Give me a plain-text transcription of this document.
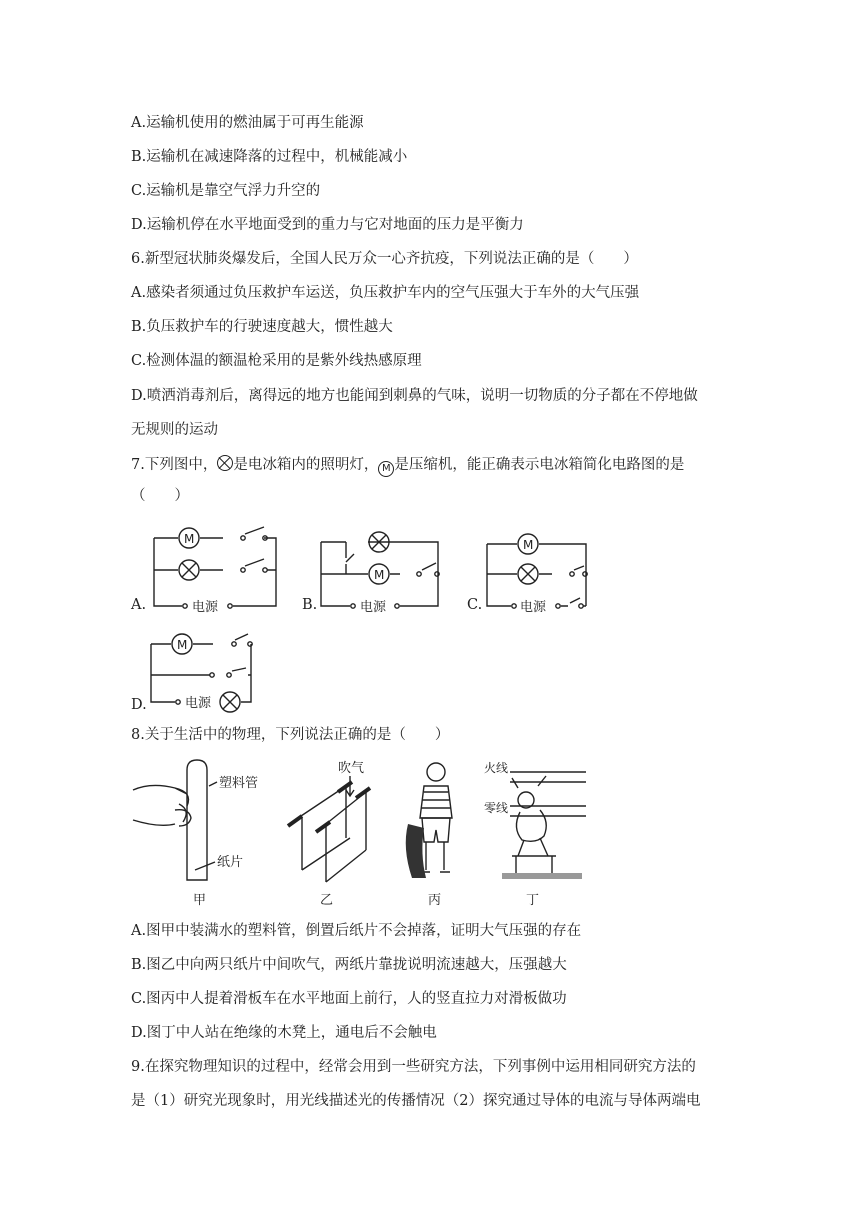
A.运输机使用的燃油属于可再生能源
B.运输机在减速降落的过程中，机械能减小
C.运输机是靠空气浮力升空的
D.运输机停在水平地面受到的重力与它对地面的压力是平衡力
6.新型冠状肺炎爆发后，全国人民万众一心齐抗疫，下列说法正确的是（　　）
A.感染者须通过负压救护车运送，负压救护车内的空气压强大于车外的大气压强
B.负压救护车的行驶速度越大，惯性越大
C.检测体温的额温枪采用的是紫外线热感原理
D.喷洒消毒剂后，离得远的地方也能闻到刺鼻的气味，说明一切物质的分子都在不停地做
无规则的运动
7.下列图中， 是电冰箱内的照明灯， M 是压缩机，能正确表示电冰箱简化电路图的是
（　　）
A.	B.	C.
D.
M
电源
M
电源
M
电源
M
电源
8.关于生活中的物理，下列说法正确的是（　　）
塑料管
纸片
甲
吹气
乙	丙
火线
零线
丁
A.图甲中装满水的塑料管，倒置后纸片不会掉落，证明大气压强的存在
B.图乙中向两只纸片中间吹气，两纸片靠拢说明流速越大，压强越大
C.图丙中人提着滑板车在水平地面上前行，人的竖直拉力对滑板做功
D.图丁中人站在绝缘的木凳上，通电后不会触电
9.在探究物理知识的过程中，经常会用到一些研究方法，下列事例中运用相同研究方法的
是（1）研究光现象时，用光线描述光的传播情况（2）探究通过导体的电流与导体两端电
